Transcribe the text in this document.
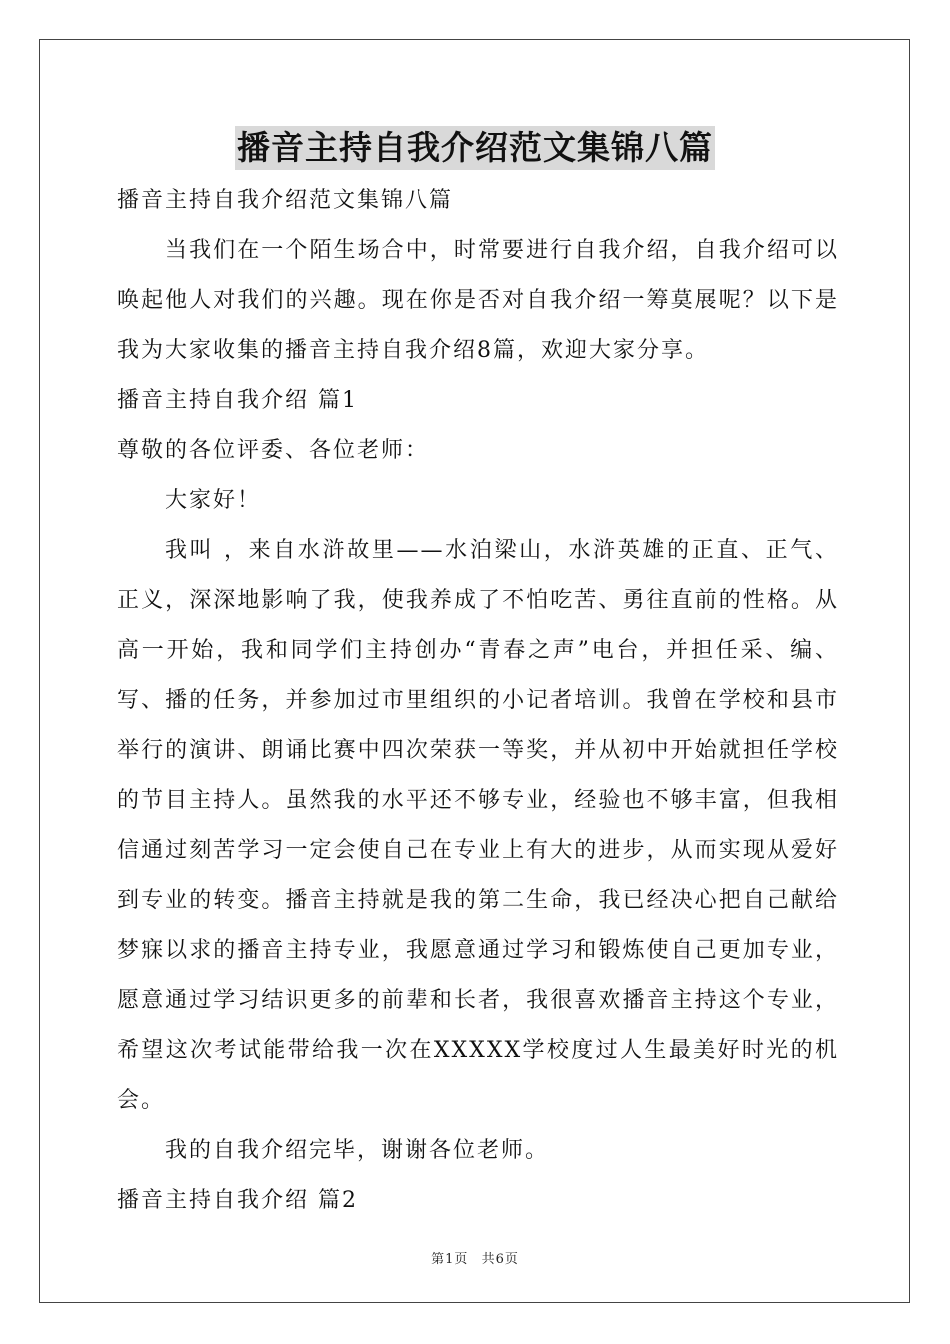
播音主持自我介绍范文集锦八篇
播音主持自我介绍范文集锦八篇
当我们在一个陌生场合中，时常要进行自我介绍，自我介绍可以唤起他人对我们的兴趣。现在你是否对自我介绍一筹莫展呢？以下是我为大家收集的播音主持自我介绍8篇，欢迎大家分享。
播音主持自我介绍 篇1
尊敬的各位评委、各位老师：
大家好！
我叫 ，来自水浒故里——水泊梁山，水浒英雄的正直、正气、正义，深深地影响了我，使我养成了不怕吃苦、勇往直前的性格。从高一开始，我和同学们主持创办“青春之声”电台，并担任采、编、写、播的任务，并参加过市里组织的小记者培训。我曾在学校和县市举行的演讲、朗诵比赛中四次荣获一等奖，并从初中开始就担任学校的节目主持人。虽然我的水平还不够专业，经验也不够丰富，但我相信通过刻苦学习一定会使自己在专业上有大的进步，从而实现从爱好到专业的转变。播音主持就是我的第二生命，我已经决心把自己献给梦寐以求的播音主持专业，我愿意通过学习和锻炼使自己更加专业，愿意通过学习结识更多的前辈和长者，我很喜欢播音主持这个专业，希望这次考试能带给我一次在XXXXX学校度过人生最美好时光的机会。
我的自我介绍完毕，谢谢各位老师。
播音主持自我介绍 篇2
第1页 共6页
